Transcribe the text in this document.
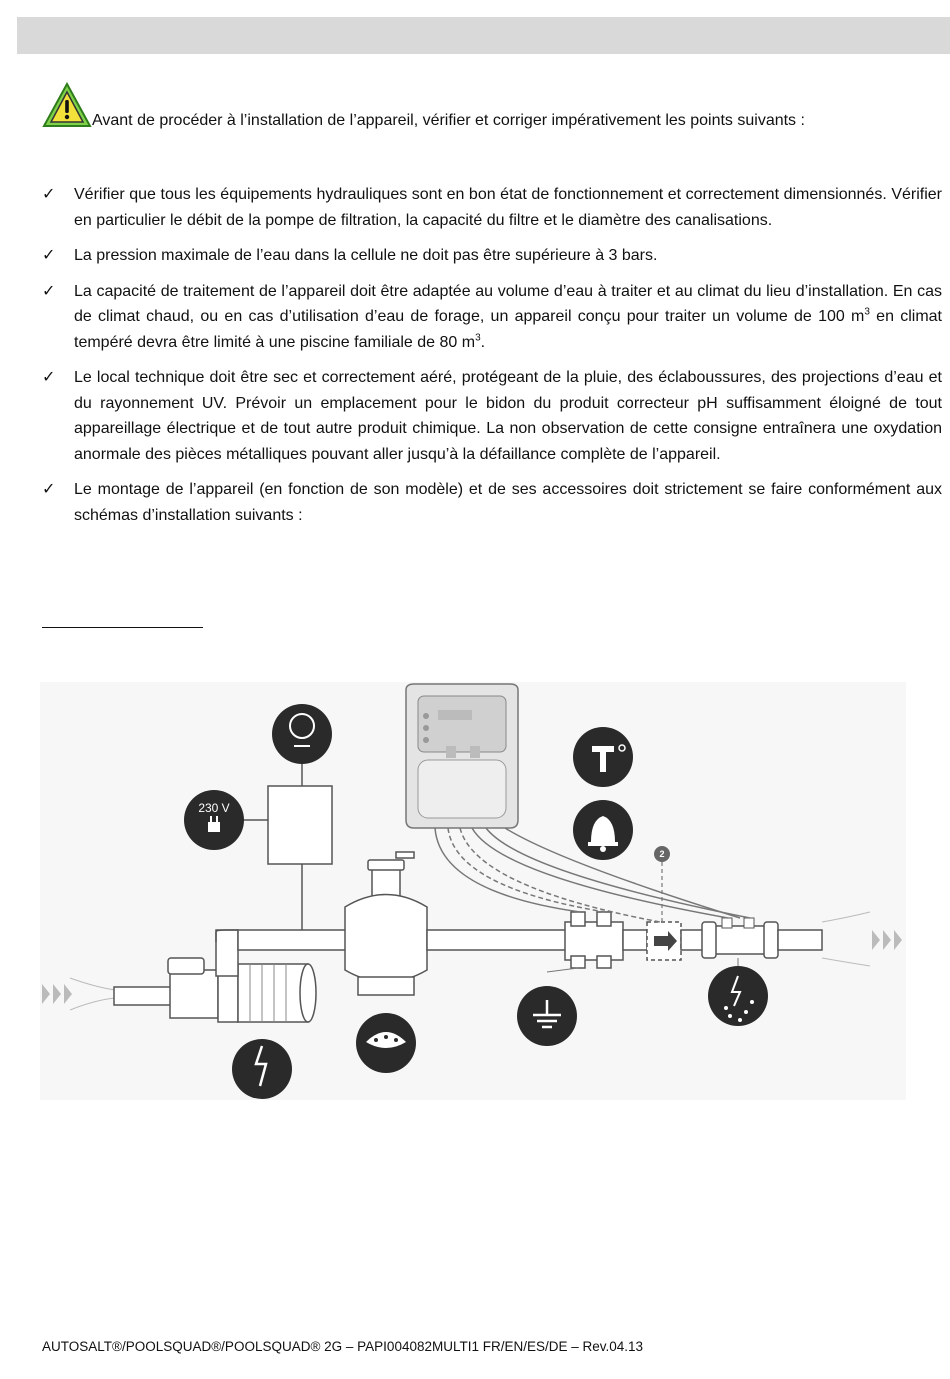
Avant de procéder à l’installation de l’appareil, vérifier et corriger impérativement les points suivants :
✓ Vérifier que tous les équipements hydrauliques sont en bon état de fonctionnement et correctement dimensionnés. Vérifier en particulier le débit de la pompe de filtration, la capacité du filtre et le diamètre des canalisations.
✓ La pression maximale de l’eau dans la cellule ne doit pas être supérieure à 3 bars.
✓ La capacité de traitement de l’appareil doit être adaptée au volume d’eau à traiter et au climat du lieu d’installation. En cas de climat chaud, ou en cas d’utilisation d’eau de forage, un appareil conçu pour traiter un volume de 100 $m^3$ en climat tempéré devra être limité à une piscine familiale de 80 $m^3$.
✓ Le local technique doit être sec et correctement aéré, protégeant de la pluie, des éclaboussures, des projections d’eau et du rayonnement UV. Prévoir un emplacement pour le bidon du produit correcteur pH suffisamment éloigné de tout appareillage électrique et de tout autre produit chimique. La non observation de cette consigne entraînera une oxydation anormale des pièces métalliques pouvant aller jusqu’à la défaillance complète de l’appareil.
✓ Le montage de l’appareil (en fonction de son modèle) et de ses accessoires doit strictement se faire conformément aux schémas d’installation suivants :
2
230 V
AUTOSALT®/POOLSQUAD®/POOLSQUAD® 2G – PAPI004082MULTI1 FR/EN/ES/DE – Rev.04.13
